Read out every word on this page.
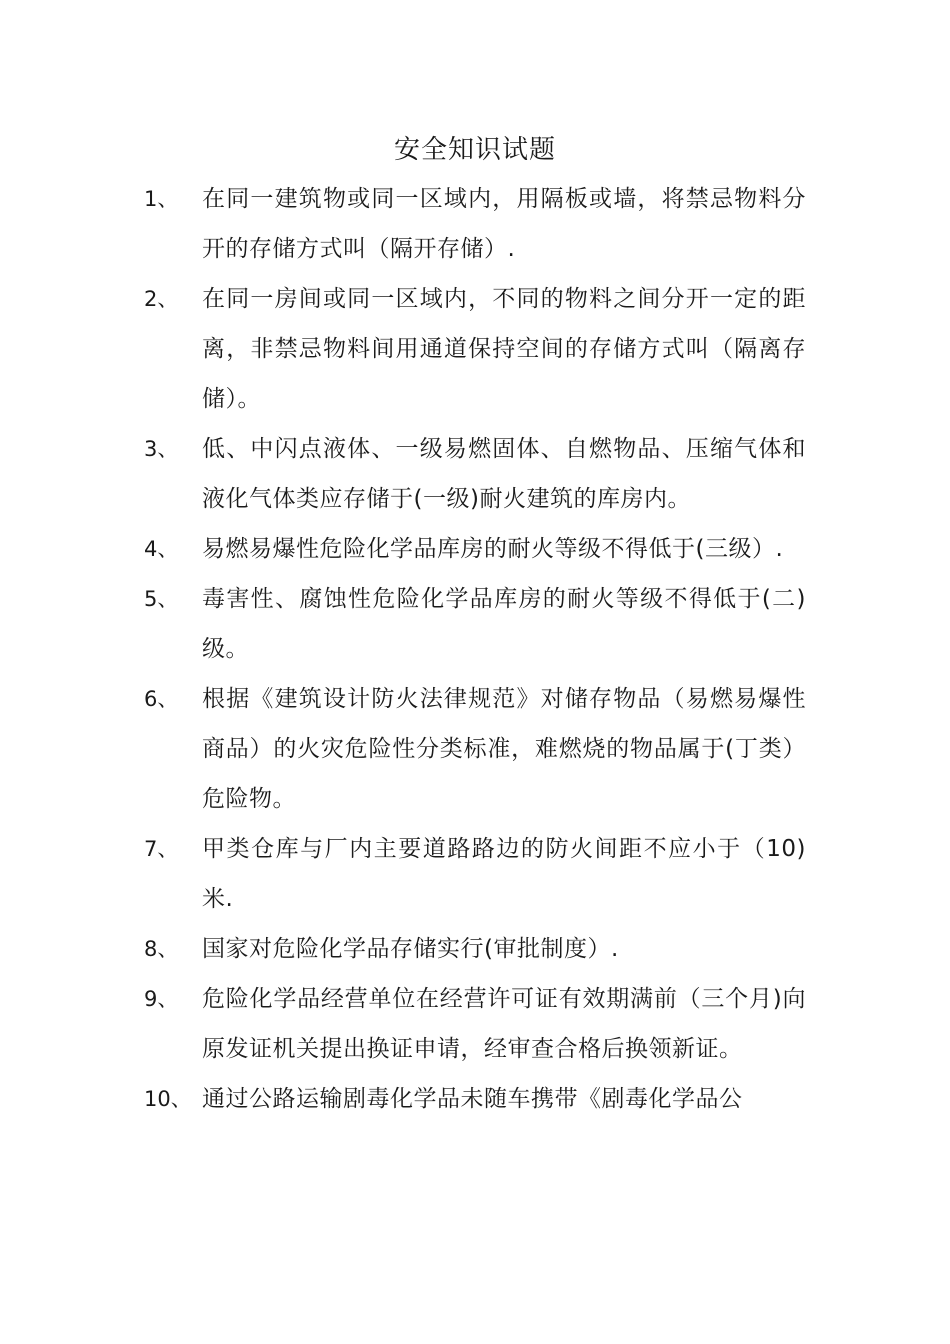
安全知识试题
1、	在同一建筑物或同一区域内，用隔板或墙，将禁忌物料分开的存储方式叫（隔开存储）.
2、	在同一房间或同一区域内，不同的物料之间分开一定的距离，非禁忌物料间用通道保持空间的存储方式叫（隔离存储）。
3、	低、中闪点液体、一级易燃固体、自燃物品、压缩气体和液化气体类应存储于(一级)耐火建筑的库房内。
4、	易燃易爆性危险化学品库房的耐火等级不得低于(三级）.
5、	毒害性、腐蚀性危险化学品库房的耐火等级不得低于(二)级。
6、	根据《建筑设计防火法律规范》对储存物品（易燃易爆性商品）的火灾危险性分类标准，难燃烧的物品属于(丁类）危险物。
7、	甲类仓库与厂内主要道路路边的防火间距不应小于（10)米.
8、	国家对危险化学品存储实行(审批制度）.
9、	危险化学品经营单位在经营许可证有效期满前（三个月)向原发证机关提出换证申请，经审查合格后换领新证。
10、 通过公路运输剧毒化学品未随车携带《剧毒化学品公
